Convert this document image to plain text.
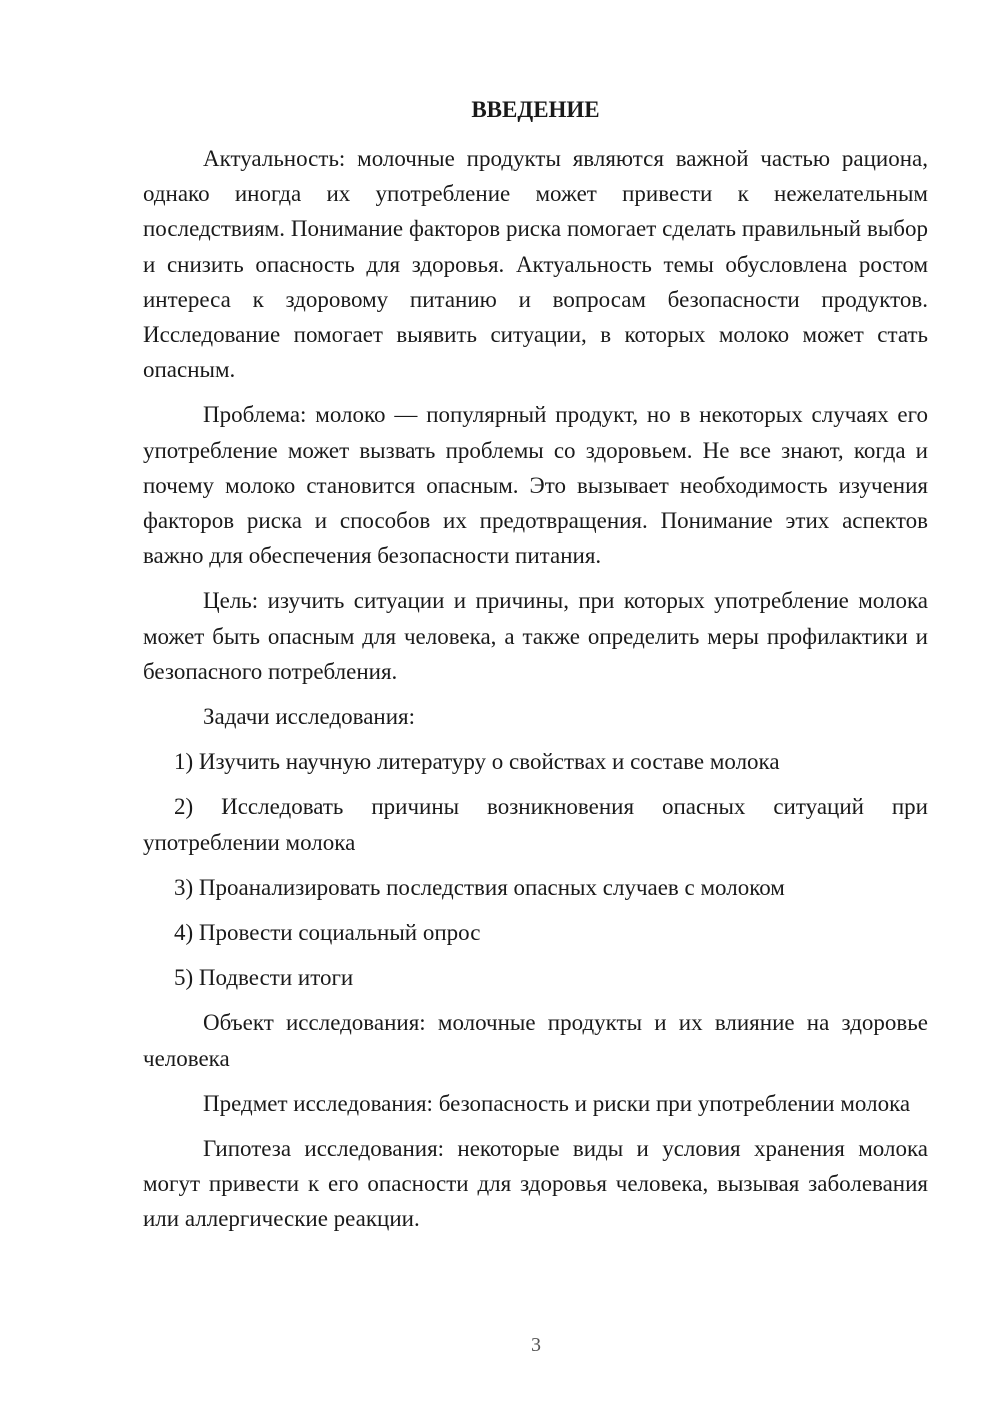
ВВЕДЕНИЕ

Актуальность: молочные продукты являются важной частью рациона, однако иногда их употребление может привести к нежелательным последствиям. Понимание факторов риска помогает сделать правильный выбор и снизить опасность для здоровья. Актуальность темы обусловлена ростом интереса к здоровому питанию и вопросам безопасности продуктов. Исследование помогает выявить ситуации, в которых молоко может стать опасным.

Проблема: молоко — популярный продукт, но в некоторых случаях его употребление может вызвать проблемы со здоровьем. Не все знают, когда и почему молоко становится опасным. Это вызывает необходимость изучения факторов риска и способов их предотвращения. Понимание этих аспектов важно для обеспечения безопасности питания.

Цель: изучить ситуации и причины, при которых употребление молока может быть опасным для человека, а также определить меры профилактики и безопасного потребления.

Задачи исследования:

1) Изучить научную литературу о свойствах и составе молока

2) Исследовать причины возникновения опасных ситуаций при употреблении молока

3) Проанализировать последствия опасных случаев с молоком

4) Провести социальный опрос

5) Подвести итоги

Объект исследования: молочные продукты и их влияние на здоровье человека

Предмет исследования: безопасность и риски при употреблении молока

Гипотеза исследования: некоторые виды и условия хранения молока могут привести к его опасности для здоровья человека, вызывая заболевания или аллергические реакции.

3
